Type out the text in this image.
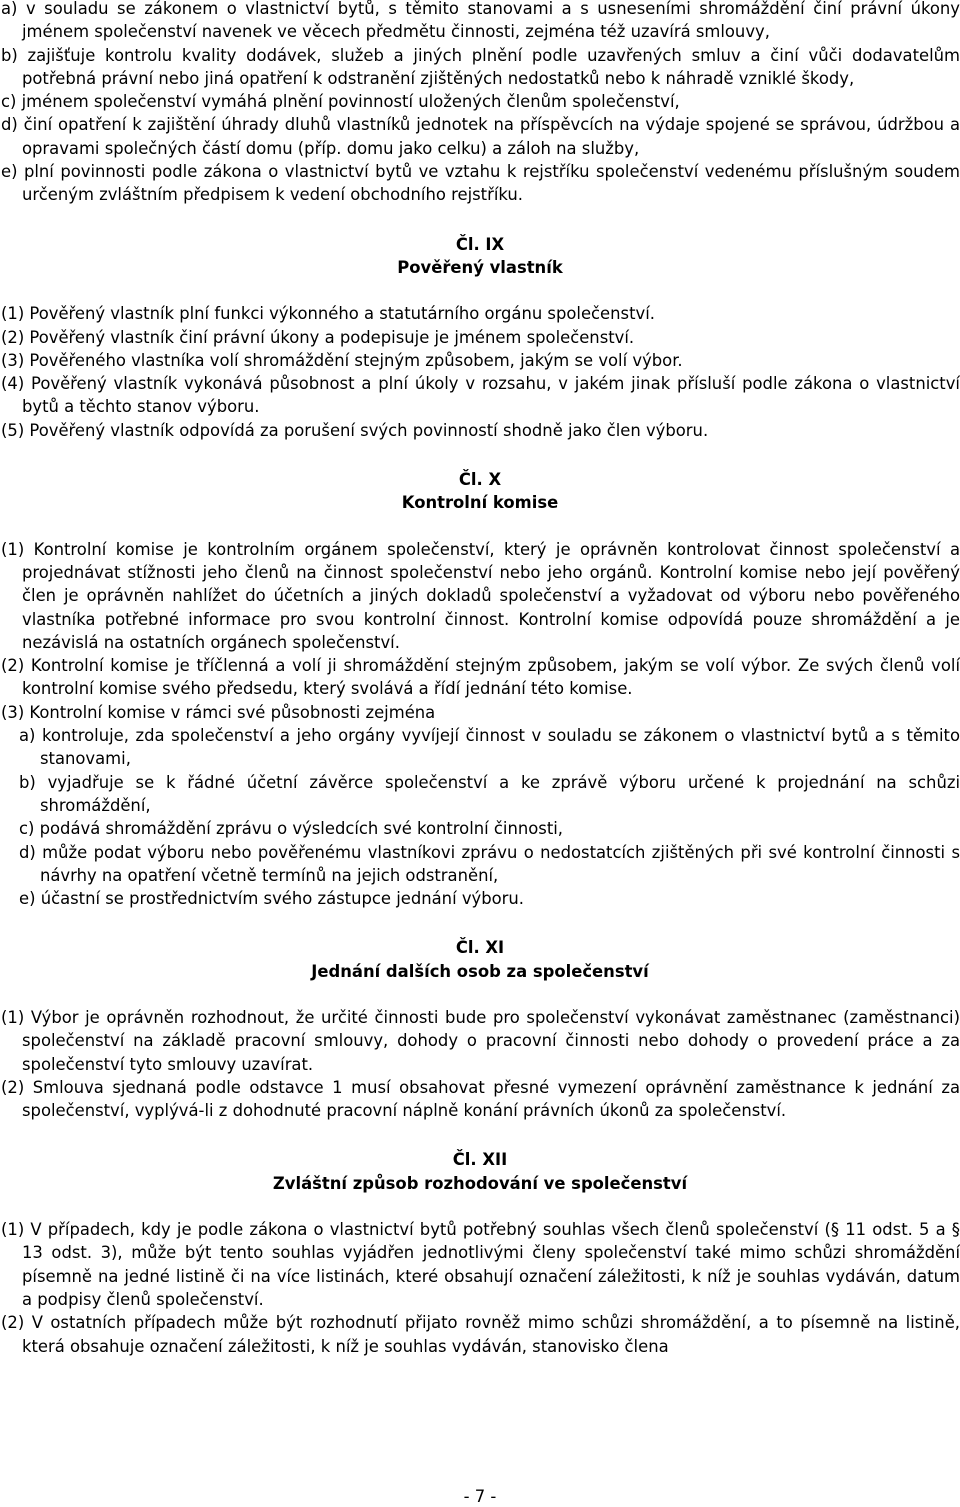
a) v souladu se zákonem o vlastnictví bytů, s těmito stanovami a s usneseními shromáždění činí právní úkony jménem společenství navenek ve věcech předmětu činnosti, zejména též uzavírá smlouvy,

b) zajišťuje kontrolu kvality dodávek, služeb a jiných plnění podle uzavřených smluv a činí vůči dodavatelům potřebná právní nebo jiná opatření k odstranění zjištěných nedostatků nebo k náhradě vzniklé škody,

c) jménem společenství vymáhá plnění povinností uložených členům společenství,

d) činí opatření k zajištění úhrady dluhů vlastníků jednotek na příspěvcích na výdaje spojené se správou, údržbou a opravami společných částí domu (příp. domu jako celku) a záloh na služby,

e) plní povinnosti podle zákona o vlastnictví bytů ve vztahu k rejstříku společenství vedenému příslušným soudem určeným zvláštním předpisem k vedení obchodního rejstříku.

Čl. IX

Pověřený vlastník

(1) Pověřený vlastník plní funkci výkonného a statutárního orgánu společenství.

(2) Pověřený vlastník činí právní úkony a podepisuje je jménem společenství.

(3) Pověřeného vlastníka volí shromáždění stejným způsobem, jakým se volí výbor.

(4) Pověřený vlastník vykonává působnost a plní úkoly v rozsahu, v jakém jinak přísluší podle zákona o vlastnictví bytů a těchto stanov výboru.

(5) Pověřený vlastník odpovídá za porušení svých povinností shodně jako člen výboru.

Čl. X

Kontrolní komise

(1) Kontrolní komise je kontrolním orgánem společenství, který je oprávněn kontrolovat činnost společenství a projednávat stížnosti jeho členů na činnost společenství nebo jeho orgánů. Kontrolní komise nebo její pověřený člen je oprávněn nahlížet do účetních a jiných dokladů společenství a vyžadovat od výboru nebo pověřeného vlastníka potřebné informace pro svou kontrolní činnost. Kontrolní komise odpovídá pouze shromáždění a je nezávislá na ostatních orgánech společenství.

(2) Kontrolní komise je tříčlenná a volí ji shromáždění stejným způsobem, jakým se volí výbor. Ze svých členů volí kontrolní komise svého předsedu, který svolává a řídí jednání této komise.

(3) Kontrolní komise v rámci své působnosti zejména

a) kontroluje, zda společenství a jeho orgány vyvíjejí činnost v souladu se zákonem o vlastnictví bytů a s těmito stanovami,

b) vyjadřuje se k řádné účetní závěrce společenství a ke zprávě výboru určené k projednání na schůzi shromáždění,

c) podává shromáždění zprávu o výsledcích své kontrolní činnosti,

d) může podat výboru nebo pověřenému vlastníkovi zprávu o nedostatcích zjištěných při své kontrolní činnosti s návrhy na opatření včetně termínů na jejich odstranění,

e) účastní se prostřednictvím svého zástupce jednání výboru.

Čl. XI

Jednání dalších osob za společenství

(1) Výbor je oprávněn rozhodnout, že určité činnosti bude pro společenství vykonávat zaměstnanec (zaměstnanci) společenství na základě pracovní smlouvy, dohody o pracovní činnosti nebo dohody o provedení práce a za společenství tyto smlouvy uzavírat.

(2) Smlouva sjednaná podle odstavce 1 musí obsahovat přesné vymezení oprávnění zaměstnance k jednání za společenství, vyplývá-li z dohodnuté pracovní náplně konání právních úkonů za společenství.

Čl. XII

Zvláštní způsob rozhodování ve společenství

(1) V případech, kdy je podle zákona o vlastnictví bytů potřebný souhlas všech členů společenství (§ 11 odst. 5 a § 13 odst. 3), může být tento souhlas vyjádřen jednotlivými členy společenství také mimo schůzi shromáždění písemně na jedné listině či na více listinách, které obsahují označení záležitosti, k níž je souhlas vydáván, datum a podpisy členů společenství.

(2) V ostatních případech může být rozhodnutí přijato rovněž mimo schůzi shromáždění, a to písemně na listině, která obsahuje označení záležitosti, k níž je souhlas vydáván, stanovisko člena

- 7 -
